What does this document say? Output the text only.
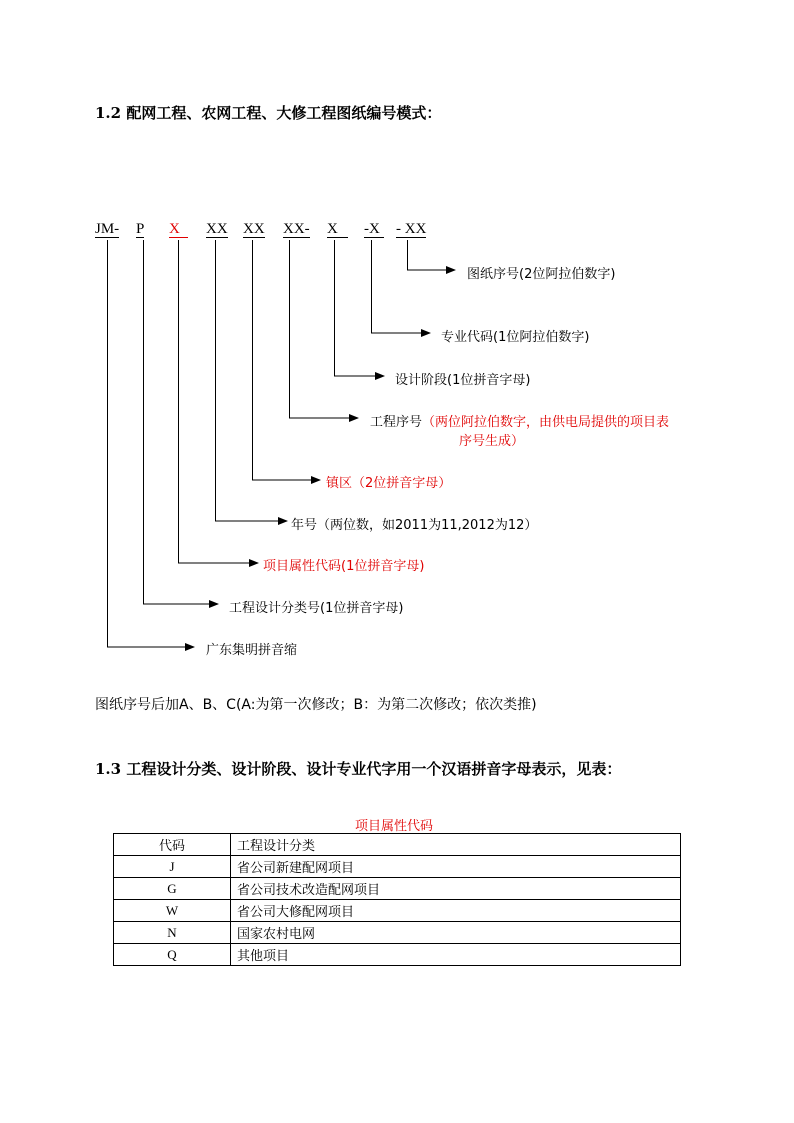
1.2 配网工程、农网工程、大修工程图纸编号模式：
JM- P X	XX XX XX- X	-X - XX
图纸序号(2位阿拉伯数字)
专业代码(1位阿拉伯数字)
设计阶段(1位拼音字母)
工程序号（两位阿拉伯数字，由供电局提供的项目表
序号生成）
镇区（2位拼音字母）
年号（两位数，如2011为11,2012为12）
项目属性代码(1位拼音字母)
工程设计分类号(1位拼音字母)
广东集明拼音缩
图纸序号后加A、B、C(A:为第一次修改；B：为第二次修改；依次类推)
1.3 工程设计分类、设计阶段、设计专业代字用一个汉语拼音字母表示，见表：
项目属性代码
代码	工程设计分类
J	省公司新建配网项目
G	省公司技术改造配网项目
W	省公司大修配网项目
N	国家农村电网
Q	其他项目
